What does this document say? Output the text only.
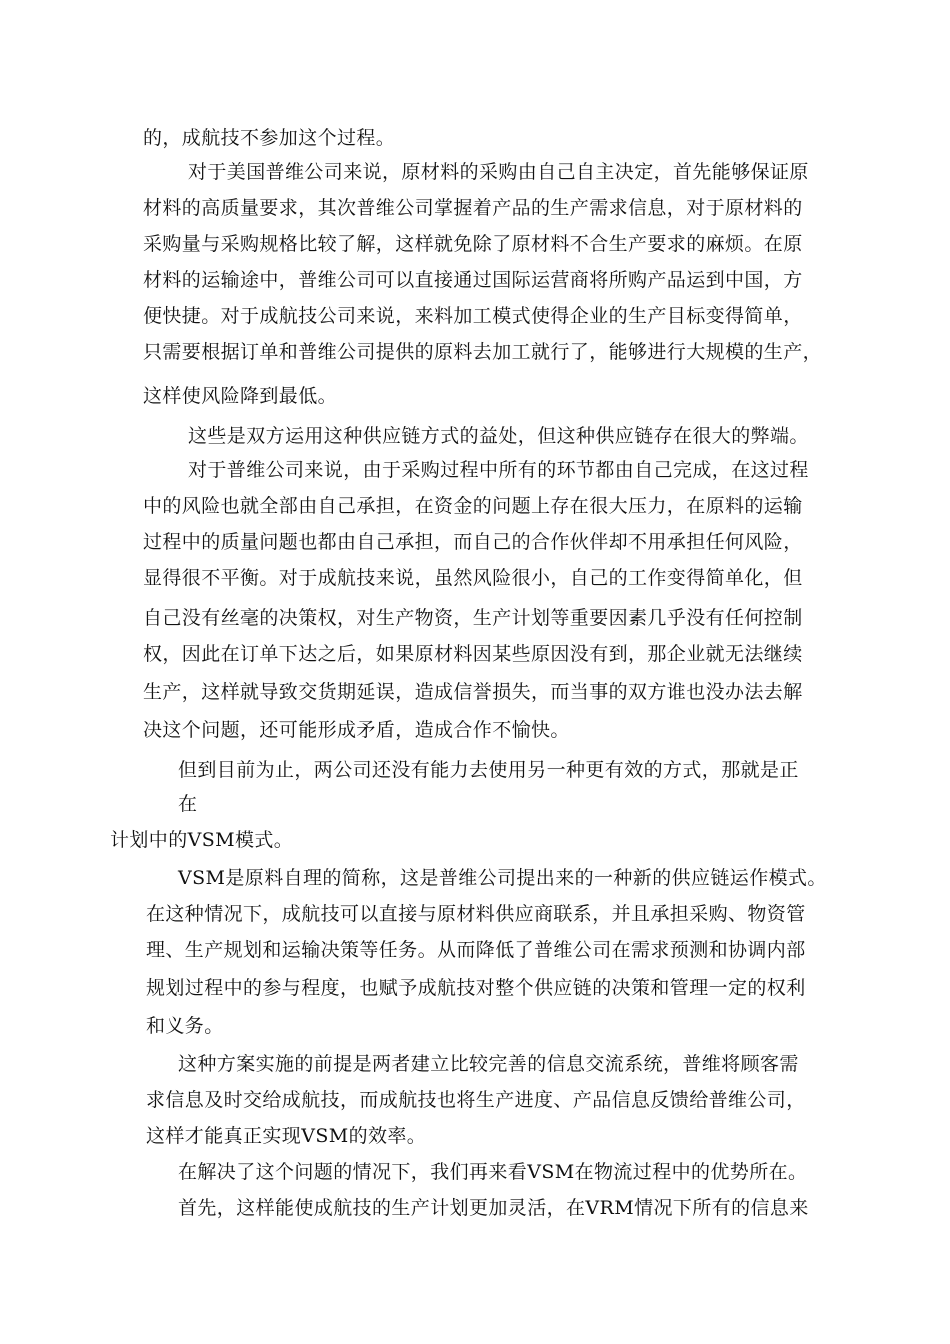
的，成航技不参加这个过程。
对于美国普维公司来说，原材料的采购由自己自主决定，首先能够保证原
材料的高质量要求，其次普维公司掌握着产品的生产需求信息，对于原材料的
采购量与采购规格比较了解，这样就免除了原材料不合生产要求的麻烦。在原
材料的运输途中，普维公司可以直接通过国际运营商将所购产品运到中国，方
便快捷。对于成航技公司来说，来料加工模式使得企业的生产目标变得简单，
只需要根据订单和普维公司提供的原料去加工就行了，能够进行大规模的生产，
这样使风险降到最低。
这些是双方运用这种供应链方式的益处，但这种供应链存在很大的弊端。
对于普维公司来说，由于采购过程中所有的环节都由自己完成，在这过程
中的风险也就全部由自己承担，在资金的问题上存在很大压力，在原料的运输
过程中的质量问题也都由自己承担，而自己的合作伙伴却不用承担任何风险，
显得很不平衡。对于成航技来说，虽然风险很小，自己的工作变得简单化，但
自己没有丝毫的决策权，对生产物资，生产计划等重要因素几乎没有任何控制
权，因此在订单下达之后，如果原材料因某些原因没有到，那企业就无法继续
生产，这样就导致交货期延误，造成信誉损失，而当事的双方谁也没办法去解
决这个问题，还可能形成矛盾，造成合作不愉快。
但到目前为止，两公司还没有能力去使用另一种更有效的方式，那就是正
在
计划中的VSM模式。
VSM是原料自理的简称，这是普维公司提出来的一种新的供应链运作模式。
在这种情况下，成航技可以直接与原材料供应商联系，并且承担采购、物资管
理、生产规划和运输决策等任务。从而降低了普维公司在需求预测和协调内部
规划过程中的参与程度，也赋予成航技对整个供应链的决策和管理一定的权利
和义务。
这种方案实施的前提是两者建立比较完善的信息交流系统，普维将顾客需
求信息及时交给成航技，而成航技也将生产进度、产品信息反馈给普维公司，
这样才能真正实现VSM的效率。
在解决了这个问题的情况下，我们再来看VSM在物流过程中的优势所在。
首先，这样能使成航技的生产计划更加灵活，在VRM情况下所有的信息来
